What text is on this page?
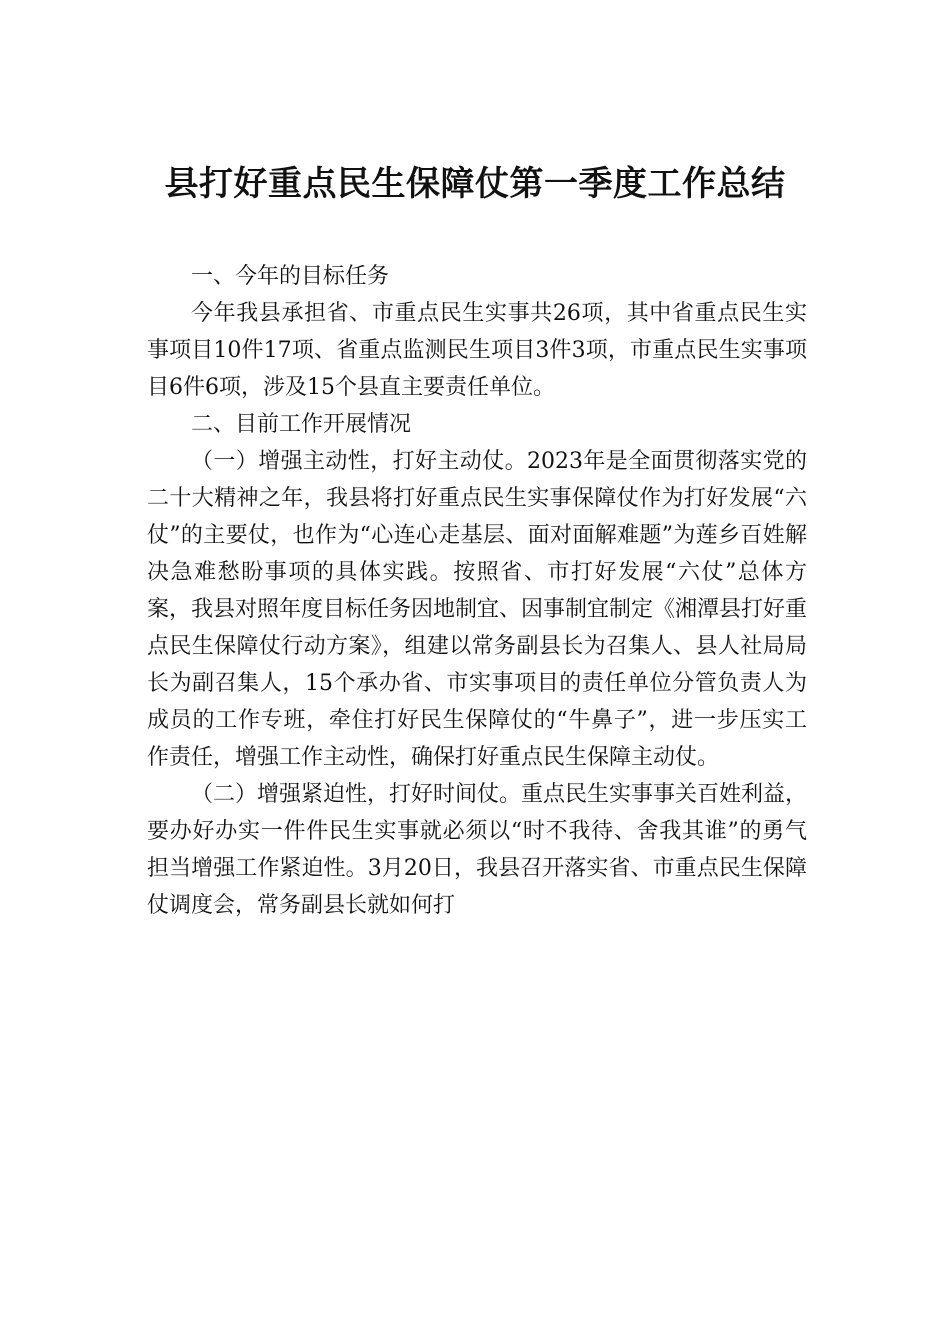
县打好重点民生保障仗第一季度工作总结
一、今年的目标任务

今年我县承担省、市重点民生实事共26项，其中省重点民生实事项目10件17项、省重点监测民生项目3件3项，市重点民生实事项目6件6项，涉及15个县直主要责任单位。

二、目前工作开展情况

（一）增强主动性，打好主动仗。2023年是全面贯彻落实党的二十大精神之年，我县将打好重点民生实事保障仗作为打好发展“六仗”的主要仗，也作为“心连心走基层、面对面解难题”为莲乡百姓解决急难愁盼事项的具体实践。按照省、市打好发展“六仗”总体方案，我县对照年度目标任务因地制宜、因事制宜制定《湘潭县打好重点民生保障仗行动方案》，组建以常务副县长为召集人、县人社局局长为副召集人，15个承办省、市实事项目的责任单位分管负责人为成员的工作专班，牵住打好民生保障仗的“牛鼻子”，进一步压实工作责任，增强工作主动性，确保打好重点民生保障主动仗。

（二）增强紧迫性，打好时间仗。重点民生实事事关百姓利益，要办好办实一件件民生实事就必须以“时不我待、舍我其谁”的勇气担当增强工作紧迫性。3月20日，我县召开落实省、市重点民生保障仗调度会，常务副县长就如何打
